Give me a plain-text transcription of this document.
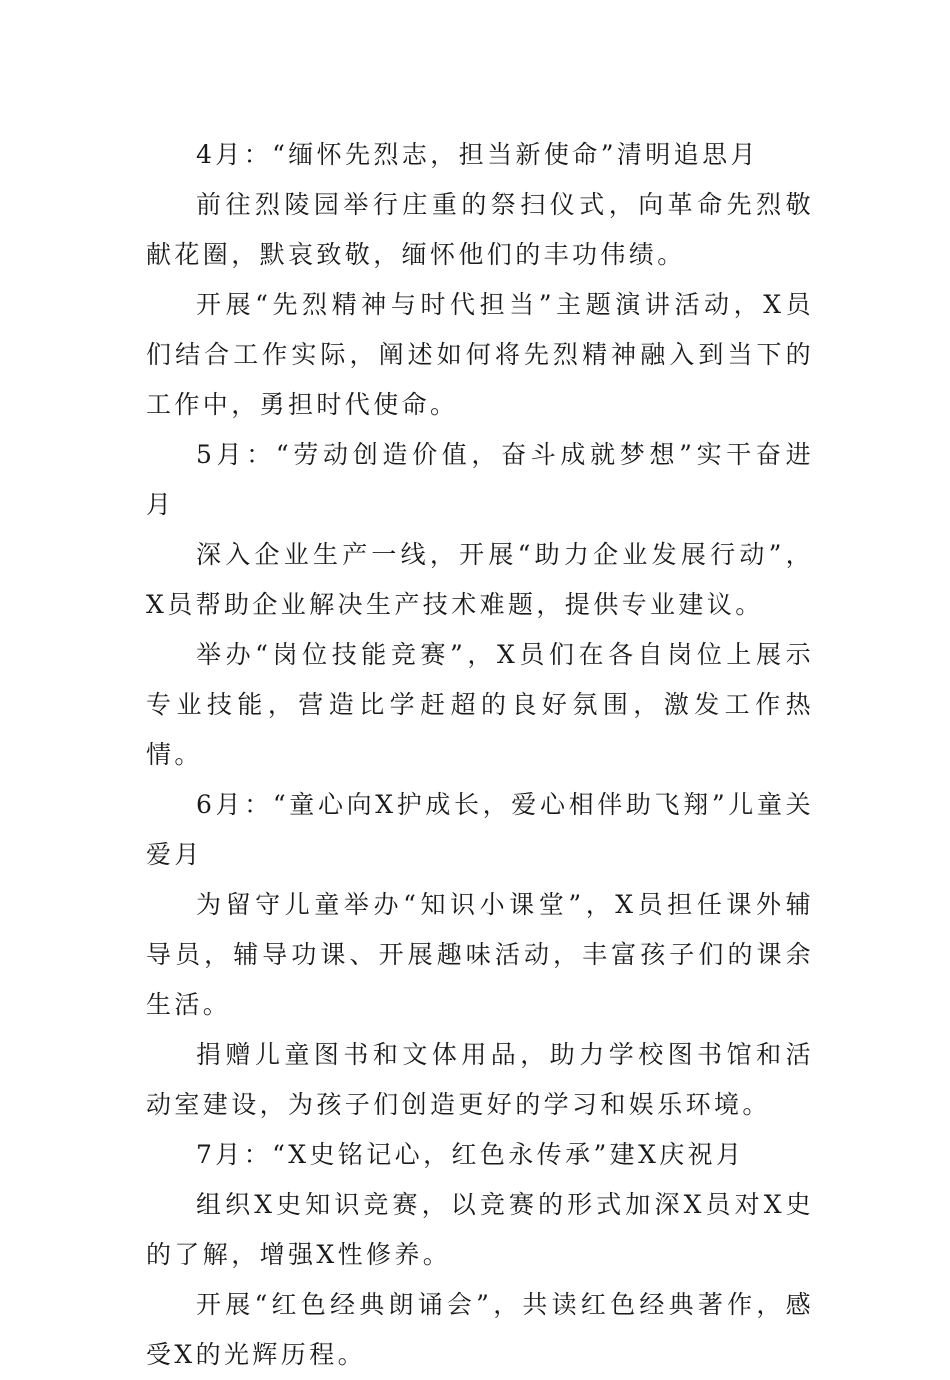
4月：“缅怀先烈志，担当新使命”清明追思月

前往烈陵园举行庄重的祭扫仪式，向革命先烈敬献花圈，默哀致敬，缅怀他们的丰功伟绩。

开展“先烈精神与时代担当”主题演讲活动，X员们结合工作实际，阐述如何将先烈精神融入到当下的工作中，勇担时代使命。

5月：“劳动创造价值，奋斗成就梦想”实干奋进月

深入企业生产一线，开展“助力企业发展行动”，X员帮助企业解决生产技术难题，提供专业建议。

举办“岗位技能竞赛”，X员们在各自岗位上展示专业技能，营造比学赶超的良好氛围，激发工作热情。

6月：“童心向X护成长，爱心相伴助飞翔”儿童关爱月

为留守儿童举办“知识小课堂”，X员担任课外辅导员，辅导功课、开展趣味活动，丰富孩子们的课余生活。

捐赠儿童图书和文体用品，助力学校图书馆和活动室建设，为孩子们创造更好的学习和娱乐环境。

7月：“X史铭记心，红色永传承”建X庆祝月

组织X史知识竞赛，以竞赛的形式加深X员对X史的了解，增强X性修养。

开展“红色经典朗诵会”，共读红色经典著作，感受X的光辉历程。
